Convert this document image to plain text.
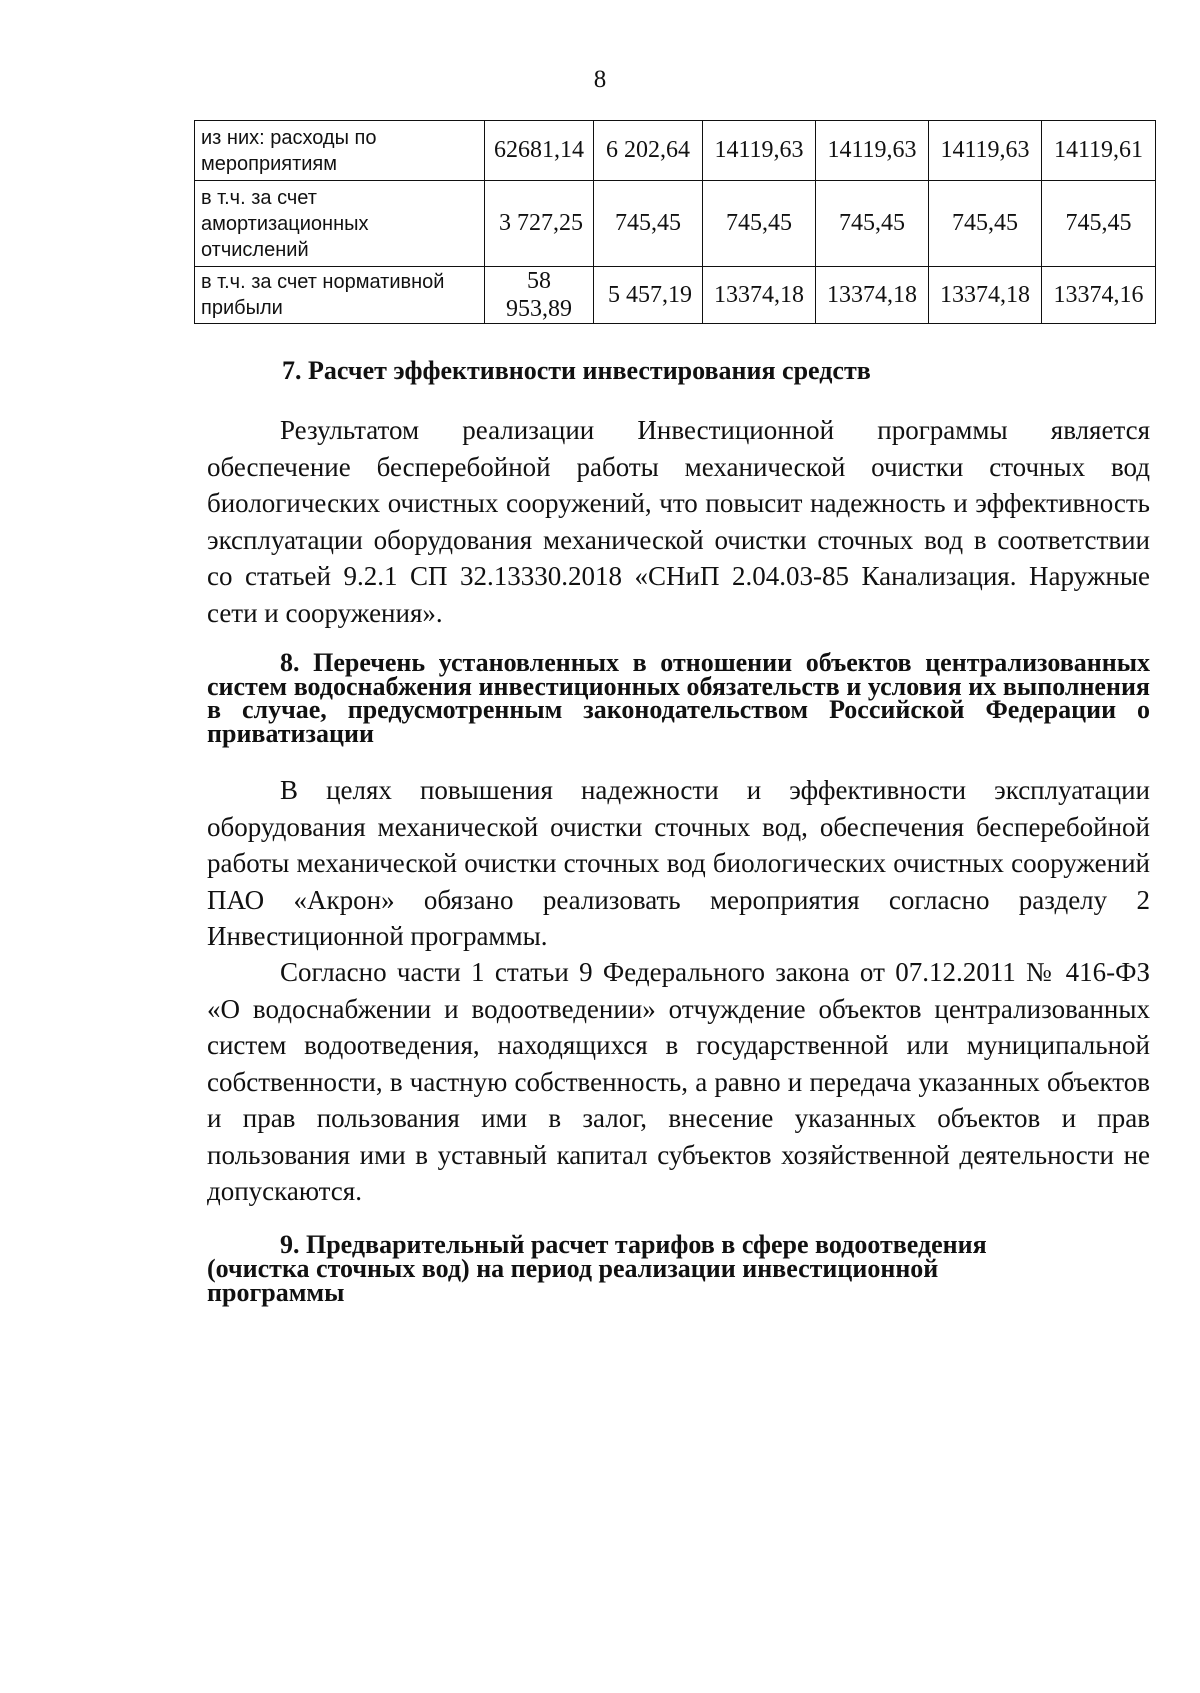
8
из них: расходы по мероприятиям	62681,14	6 202,64	14119,63	14119,63	14119,63	14119,61
в т.ч. за счет амортизационных отчислений	3 727,25	745,45	745,45	745,45	745,45	745,45
в т.ч. за счет нормативной прибыли	58 953,89	5 457,19	13374,18	13374,18	13374,18	13374,16
7. Расчет эффективности инвестирования средств

Результатом реализации Инвестиционной программы является обеспечение бесперебойной работы механической очистки сточных вод биологических очистных сооружений, что повысит надежность и эффективность эксплуатации оборудования механической очистки сточных вод в соответствии со статьей 9.2.1 СП 32.13330.2018 «СНиП 2.04.03-85 Канализация. Наружные сети и сооружения».

8. Перечень установленных в отношении объектов централизованных систем водоснабжения инвестиционных обязательств и условия их выполнения в случае, предусмотренным законодательством Российской Федерации о приватизации

В целях повышения надежности и эффективности эксплуатации оборудования механической очистки сточных вод, обеспечения бесперебойной работы механической очистки сточных вод биологических очистных сооружений ПАО «Акрон» обязано реализовать мероприятия согласно разделу 2 Инвестиционной программы.

Согласно части 1 статьи 9 Федерального закона от 07.12.2011 № 416-ФЗ «О водоснабжении и водоотведении» отчуждение объектов централизованных систем водоотведения, находящихся в государственной или муниципальной собственности, в частную собственность, а равно и передача указанных объектов и прав пользования ими в залог, внесение указанных объектов и прав пользования ими в уставный капитал субъектов хозяйственной деятельности не допускаются.

9. Предварительный расчет тарифов в сфере водоотведения (очистка сточных вод) на период реализации инвестиционной программы
